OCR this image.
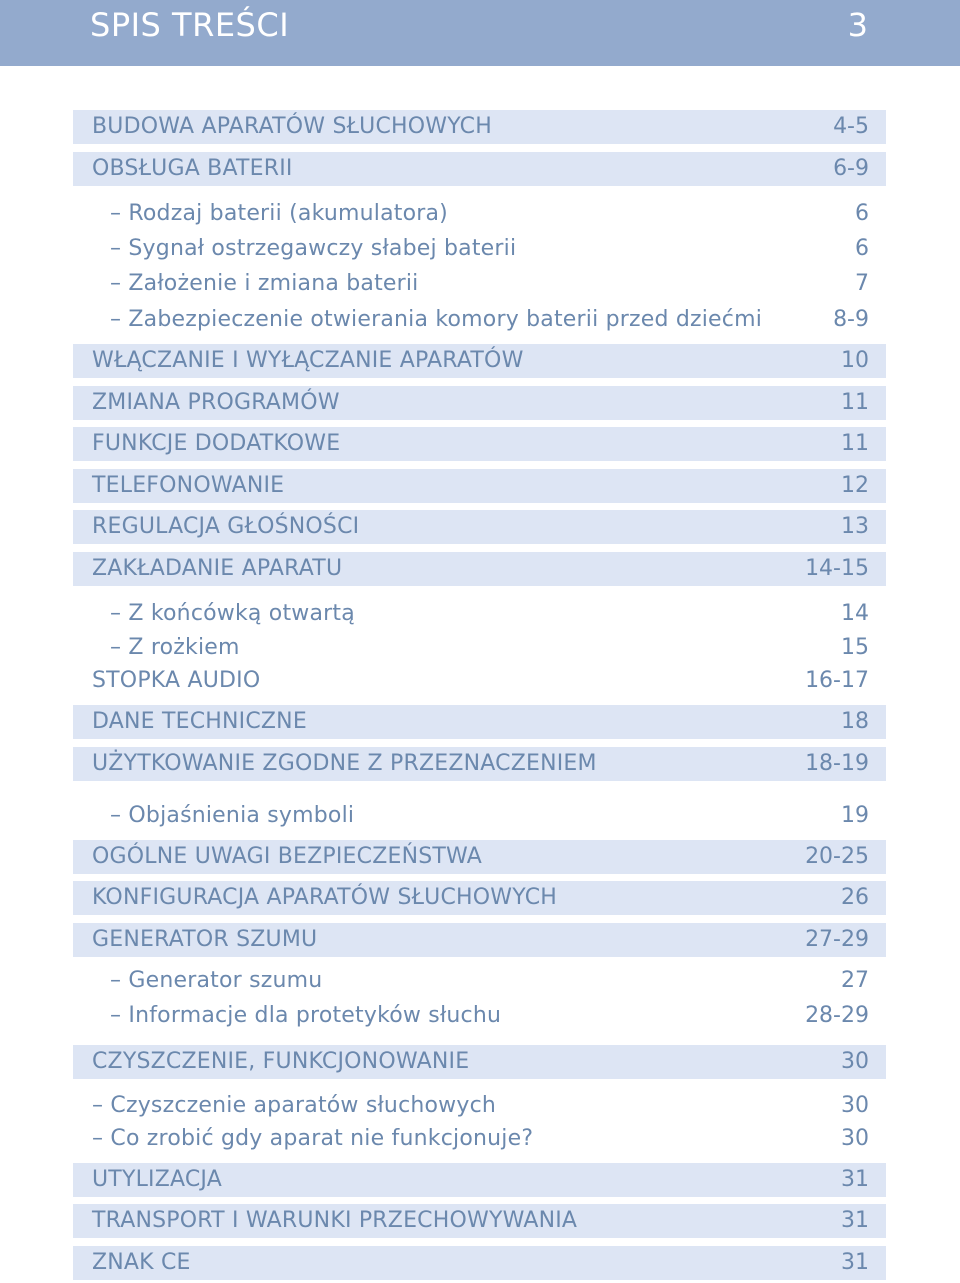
SPIS TREŚCI	3
BUDOWA APARATÓW SŁUCHOWYCH	4-5
OBSŁUGA BATERII	6-9
– Rodzaj baterii (akumulatora)	6
– Sygnał ostrzegawczy słabej baterii	6
– Założenie i zmiana baterii	7
– Zabezpieczenie otwierania komory baterii przed dziećmi	8-9
WŁĄCZANIE I WYŁĄCZANIE APARATÓW	10
ZMIANA PROGRAMÓW	11
FUNKCJE DODATKOWE	11
TELEFONOWANIE	12
REGULACJA GŁOŚNOŚCI	13
ZAKŁADANIE APARATU	14-15
– Z końcówką otwartą	14
– Z rożkiem	15
STOPKA AUDIO	16-17
DANE TECHNICZNE	18
UŻYTKOWANIE ZGODNE Z PRZEZNACZENIEM	18-19
– Objaśnienia symboli	19
OGÓLNE UWAGI BEZPIECZEŃSTWA	20-25
KONFIGURACJA APARATÓW SŁUCHOWYCH	26
GENERATOR SZUMU	27-29
– Generator szumu	27
– Informacje dla protetyków słuchu	28-29
CZYSZCZENIE, FUNKCJONOWANIE	30
– Czyszczenie aparatów słuchowych	30
– Co zrobić gdy aparat nie funkcjonuje?	30
UTYLIZACJA	31
TRANSPORT I WARUNKI PRZECHOWYWANIA	31
ZNAK CE	31
